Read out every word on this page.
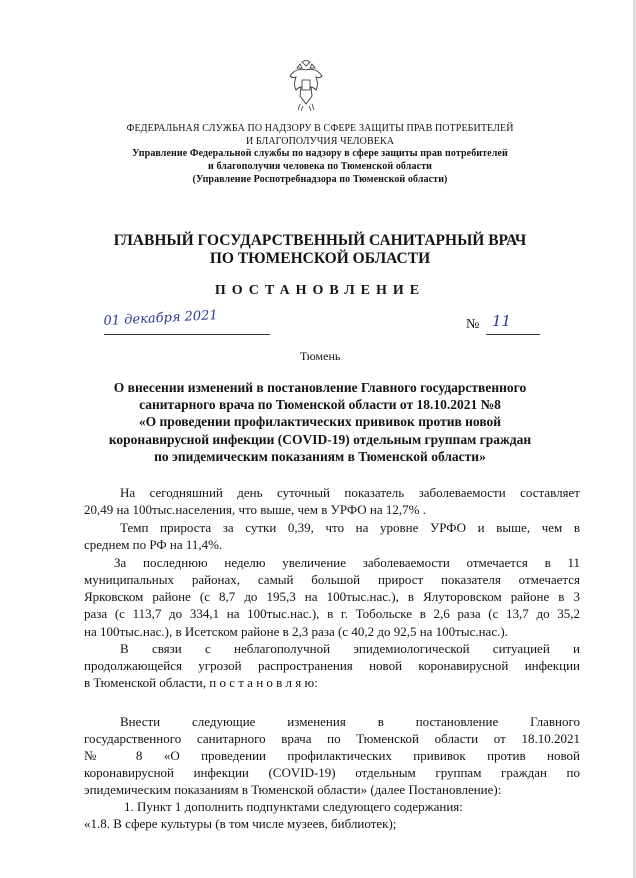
ФЕДЕРАЛЬНАЯ СЛУЖБА ПО НАДЗОРУ В СФЕРЕ ЗАЩИТЫ ПРАВ ПОТРЕБИТЕЛЕЙ
И БЛАГОПОЛУЧИЯ ЧЕЛОВЕКА
Управление Федеральной службы по надзору в сфере защиты прав потребителей
и благополучия человека по Тюменской области
(Управление Роспотребнадзора по Тюменской области)
ГЛАВНЫЙ ГОСУДАРСТВЕННЫЙ САНИТАРНЫЙ ВРАЧ
ПО ТЮМЕНСКОЙ ОБЛАСТИ
ПОСТАНОВЛЕНИЕ
01 декабря 2021	№ 11
Тюмень
О внесении изменений в постановление Главного государственного
санитарного врача по Тюменской области от 18.10.2021 №8
«О проведении профилактических прививок против новой
коронавирусной инфекции (COVID-19) отдельным группам граждан
по эпидемическим показаниям в Тюменской области»
На сегодняшний день суточный показатель заболеваемости составляет
20,49 на 100тыс.населения, что выше, чем в УРФО на 12,7% .
Темп прироста за сутки 0,39, что на уровне УРФО и выше, чем в
среднем по РФ на 11,4%.
За последнюю неделю увеличение заболеваемости отмечается в 11
муниципальных районах, самый большой прирост показателя отмечается
Ярковском районе (с 8,7 до 195,3 на 100тыс.нас.), в Ялуторовском районе в 3
раза (с 113,7 до 334,1 на 100тыс.нас.), в г. Тобольске в 2,6 раза (с 13,7 до 35,2
на 100тыс.нас.), в Исетском районе в 2,3 раза (с 40,2 до 92,5 на 100тыс.нас.).
В связи с неблагополучной эпидемиологической ситуацией и
продолжающейся угрозой распространения новой коронавирусной инфекции
в Тюменской области, п о с т а н о в л я ю:
Внести следующие изменения в постановление Главного
государственного санитарного врача по Тюменской области от 18.10.2021
№ 8 «О проведении профилактических прививок против новой
коронавирусной инфекции (COVID-19) отдельным группам граждан по
эпидемическим показаниям в Тюменской области» (далее Постановление):
1. Пункт 1 дополнить подпунктами следующего содержания:
«1.8. В сфере культуры (в том числе музеев, библиотек);
